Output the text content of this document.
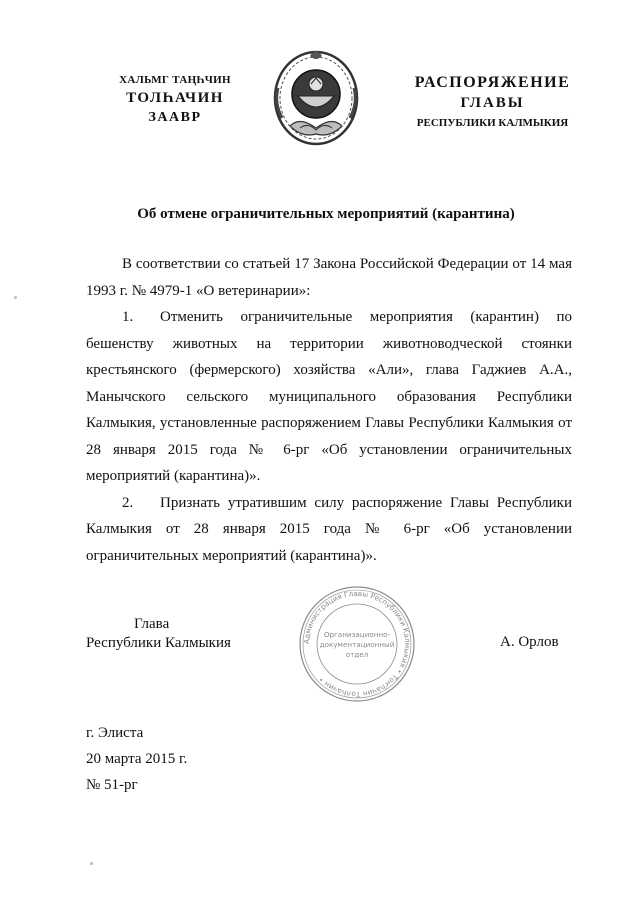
ХАЛЬМГ ТАҢҺЧИН
ТОЛҺАЧИН
ЗААВР
РАСПОРЯЖЕНИЕ
ГЛАВЫ
РЕСПУБЛИКИ КАЛМЫКИЯ
Об отмене ограничительных мероприятий (карантина)

В соответствии со статьей 17 Закона Российской Федерации от 14 мая 1993 г. № 4979-1 «О ветеринарии»:

1. Отменить ограничительные мероприятия (карантин) по бешенству животных на территории животноводческой стоянки крестьянского (фермерского) хозяйства «Али», глава Гаджиев А.А., Манычского сельского муниципального образования Республики Калмыкия, установленные распоряжением Главы Республики Калмыкия от 28 января 2015 года № 6-рг «Об установлении ограничительных мероприятий (карантина)».

2. Признать утратившим силу распоряжение Главы Республики Калмыкия от 28 января 2015 года № 6-рг «Об установлении ограничительных мероприятий (карантина)».

Глава
Республики Калмыкия	Администрация Главы Республики Калмыкия • Тоҥһачин ТолҺачин •
Организационно-
документационный
отдел
А. Орлов
г. Элиста
20 марта 2015 г.
№ 51-рг
